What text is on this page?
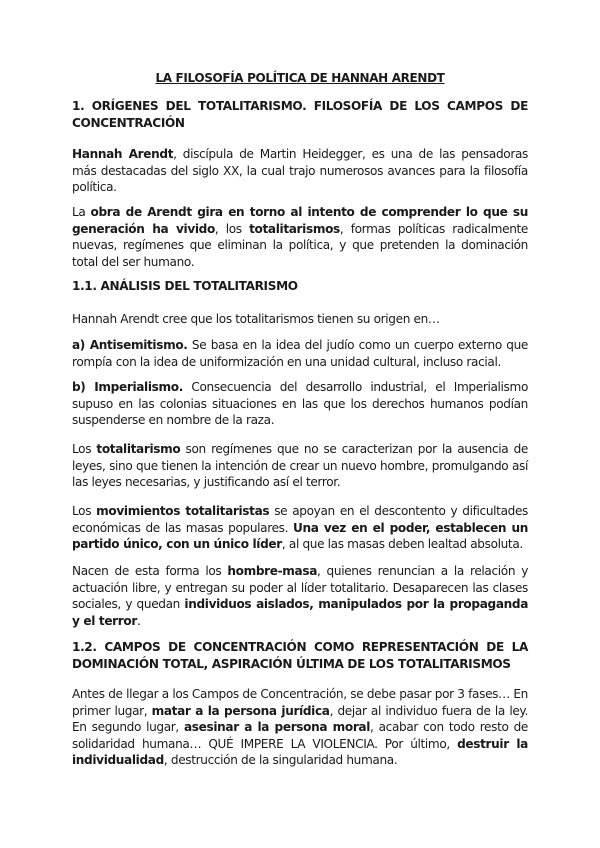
LA FILOSOFÍA POLÍTICA DE HANNAH ARENDT
1. ORÍGENES DEL TOTALITARISMO. FILOSOFÍA DE LOS CAMPOS DE CONCENTRACIÓN

Hannah Arendt, discípula de Martin Heidegger, es una de las pensadoras más destacadas del siglo XX, la cual trajo numerosos avances para la filosofía política.

La obra de Arendt gira en torno al intento de comprender lo que su generación ha vivido, los totalitarismos, formas políticas radicalmente nuevas, regímenes que eliminan la política, y que pretenden la dominación total del ser humano.

1.1. ANÁLISIS DEL TOTALITARISMO

Hannah Arendt cree que los totalitarismos tienen su origen en…

a) Antisemitismo. Se basa en la idea del judío como un cuerpo externo que rompía con la idea de uniformización en una unidad cultural, incluso racial.

b) Imperialismo. Consecuencia del desarrollo industrial, el Imperialismo supuso en las colonias situaciones en las que los derechos humanos podían suspenderse en nombre de la raza.

Los totalitarismo son regímenes que no se caracterizan por la ausencia de leyes, sino que tienen la intención de crear un nuevo hombre, promulgando así las leyes necesarias, y justificando así el terror.

Los movimientos totalitaristas se apoyan en el descontento y dificultades económicas de las masas populares. Una vez en el poder, establecen un partido único, con un único líder, al que las masas deben lealtad absoluta.

Nacen de esta forma los hombre-masa, quienes renuncian a la relación y actuación libre, y entregan su poder al líder totalitario. Desaparecen las clases sociales, y quedan individuos aislados, manipulados por la propaganda y el terror.

1.2. CAMPOS DE CONCENTRACIÓN COMO REPRESENTACIÓN DE LA DOMINACIÓN TOTAL, ASPIRACIÓN ÚLTIMA DE LOS TOTALITARISMOS

Antes de llegar a los Campos de Concentración, se debe pasar por 3 fases… En primer lugar, matar a la persona jurídica, dejar al individuo fuera de la ley. En segundo lugar, asesinar a la persona moral, acabar con todo resto de solidaridad humana… QUÉ IMPERE LA VIOLENCIA. Por último, destruir la individualidad, destrucción de la singularidad humana.
